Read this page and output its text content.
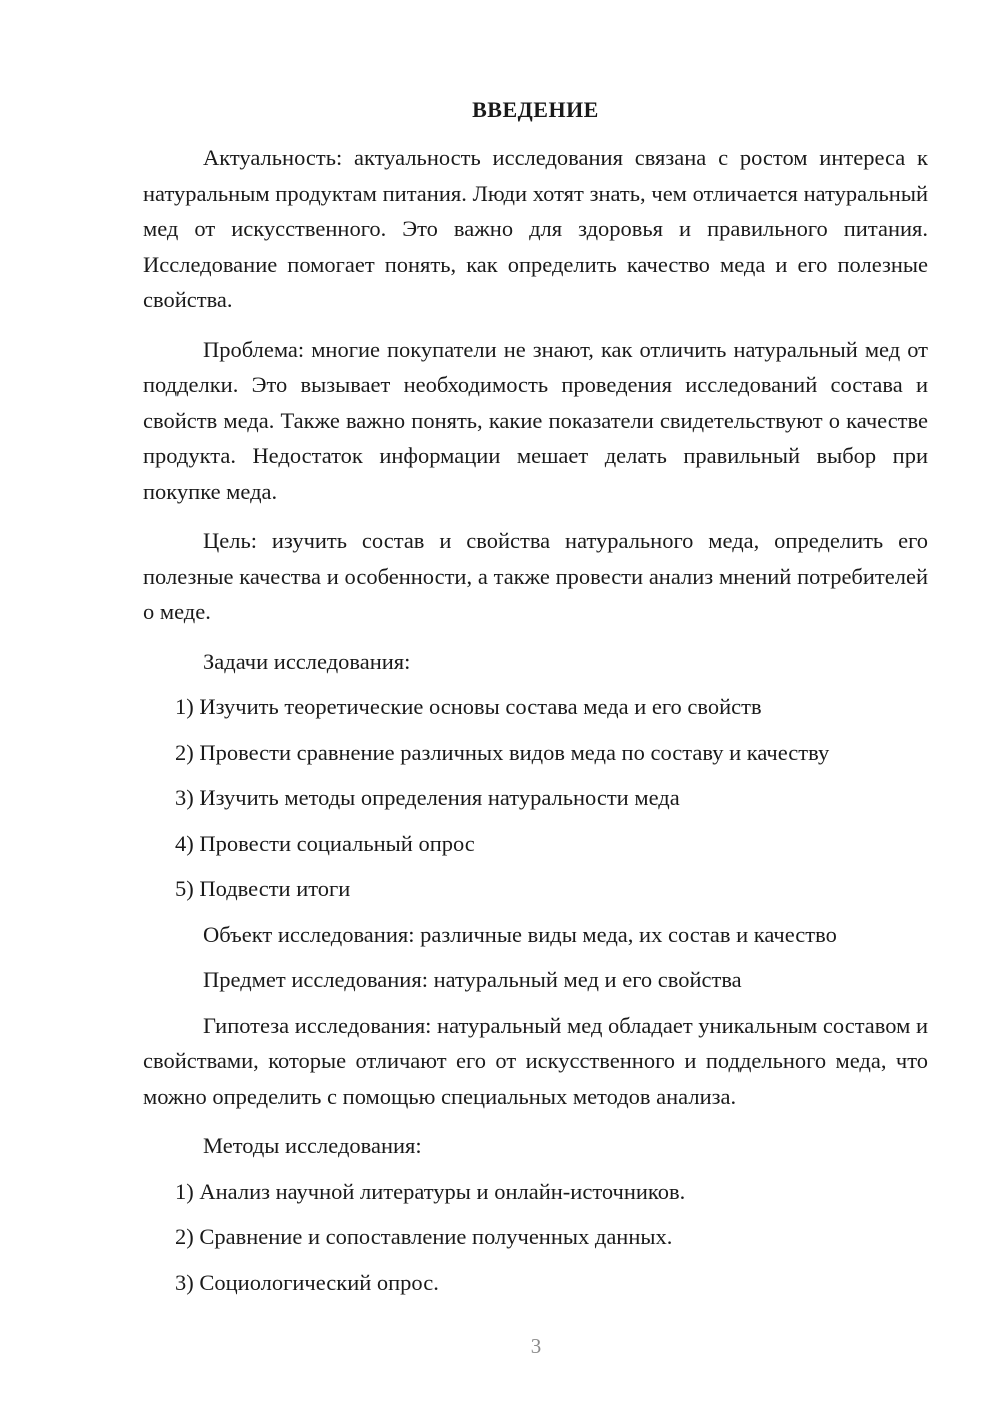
ВВЕДЕНИЕ

Актуальность: актуальность исследования связана с ростом интереса к натуральным продуктам питания. Люди хотят знать, чем отличается натуральный мед от искусственного. Это важно для здоровья и правильного питания. Исследование помогает понять, как определить качество меда и его полезные свойства.

Проблема: многие покупатели не знают, как отличить натуральный мед от подделки. Это вызывает необходимость проведения исследований состава и свойств меда. Также важно понять, какие показатели свидетельствуют о качестве продукта. Недостаток информации мешает делать правильный выбор при покупке меда.

Цель: изучить состав и свойства натурального меда, определить его полезные качества и особенности, а также провести анализ мнений потребителей о меде.

Задачи исследования:

1) Изучить теоретические основы состава меда и его свойств
2) Провести сравнение различных видов меда по составу и качеству
3) Изучить методы определения натуральности меда
4) Провести социальный опрос
5) Подвести итоги

Объект исследования: различные виды меда, их состав и качество

Предмет исследования: натуральный мед и его свойства

Гипотеза исследования: натуральный мед обладает уникальным составом и свойствами, которые отличают его от искусственного и поддельного меда, что можно определить с помощью специальных методов анализа.

Методы исследования:

1) Анализ научной литературы и онлайн-источников.
2) Сравнение и сопоставление полученных данных.
3) Социологический опрос.
3
